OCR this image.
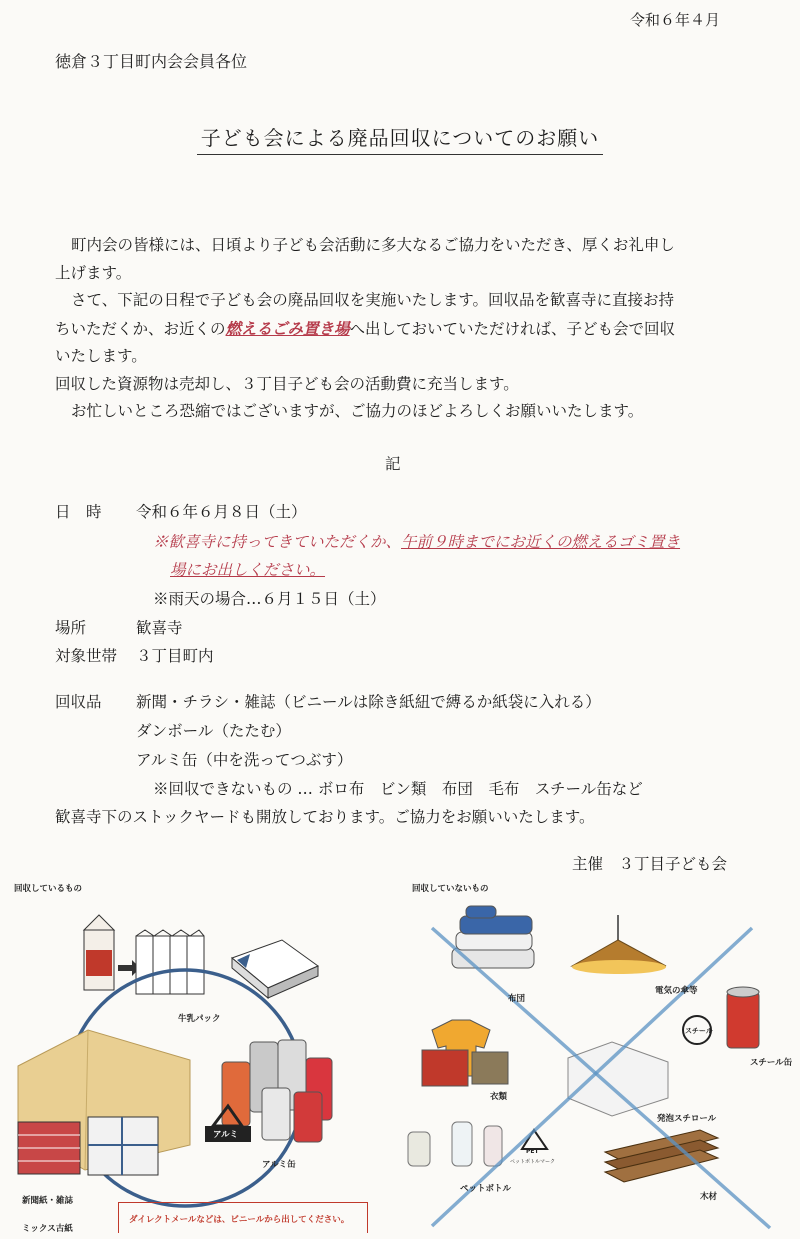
令和６年４月
徳倉３丁目町内会会員各位
子ども会による廃品回収についてのお願い
町内会の皆様には、日頃より子ども会活動に多大なるご協力をいただき、厚くお礼申し
上げます。
さて、下記の日程で子ども会の廃品回収を実施いたします。回収品を歓喜寺に直接お持
ちいただくか、お近くの燃えるごみ置き場へ出しておいていただければ、子ども会で回収
いたします。
回収した資源物は売却し、３丁目子ども会の活動費に充当します。
お忙しいところ恐縮ではございますが、ご協力のほどよろしくお願いいたします。
記
日　時 令和６年６月８日（土）
※歓喜寺に持ってきていただくか、午前９時までにお近くの燃えるゴミ置き
場にお出しください。
※雨天の場合…６月１５日（土）
場所	歓喜寺
対象世帯 ３丁目町内
回収品 新聞・チラシ・雑誌（ビニールは除き紙紐で縛るか紙袋に入れる）
ダンボール（たたむ）
アルミ缶（中を洗ってつぶす）
※回収できないもの … ボロ布　ビン類　布団　毛布　スチール缶など
歓喜寺下のストックヤードも開放しております。ご協力をお願いいたします。
主催　３丁目子ども会
回収しているもの	回収していないもの
牛乳パック
アルミ
アルミ缶
新聞紙・雑誌
ミックス古紙
布団
電気の傘等
スチール
スチール缶
衣類
発泡スチロール
PET
ペットボトルマーク
ペットボトル
木材
ダイレクトメールなどは、ビニールから出してください。
